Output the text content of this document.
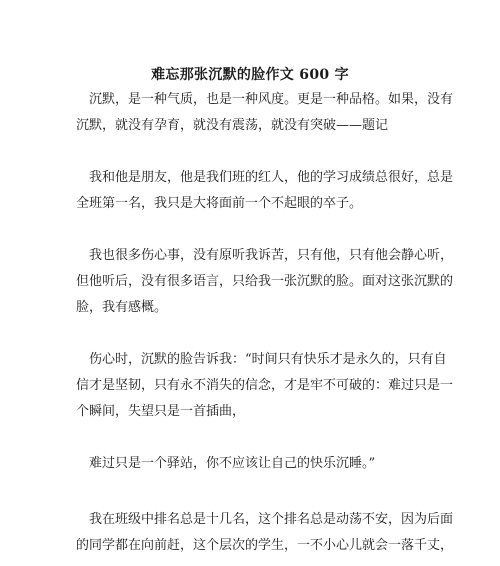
难忘那张沉默的脸作文 600 字
沉默，是一种气质，也是一种风度。更是一种品格。如果，没有
沉默，就没有孕育，就没有震荡，就没有突破——题记
我和他是朋友，他是我们班的红人，他的学习成绩总很好，总是
全班第一名，我只是大将面前一个不起眼的卒子。
我也很多伤心事，没有原听我诉苦，只有他，只有他会静心听，
但他听后，没有很多语言，只给我一张沉默的脸。面对这张沉默的
脸，我有感概。
伤心时，沉默的脸告诉我：“时间只有快乐才是永久的，只有自
信才是坚韧，只有永不消失的信念，才是牢不可破的：难过只是一
个瞬间，失望只是一首插曲，
难过只是一个驿站，你不应该让自己的快乐沉睡。”
我在班级中排名总是十几名，这个排名总是动荡不安，因为后面
的同学都在向前赶，这个层次的学生，一不小心儿就会一落千丈，
